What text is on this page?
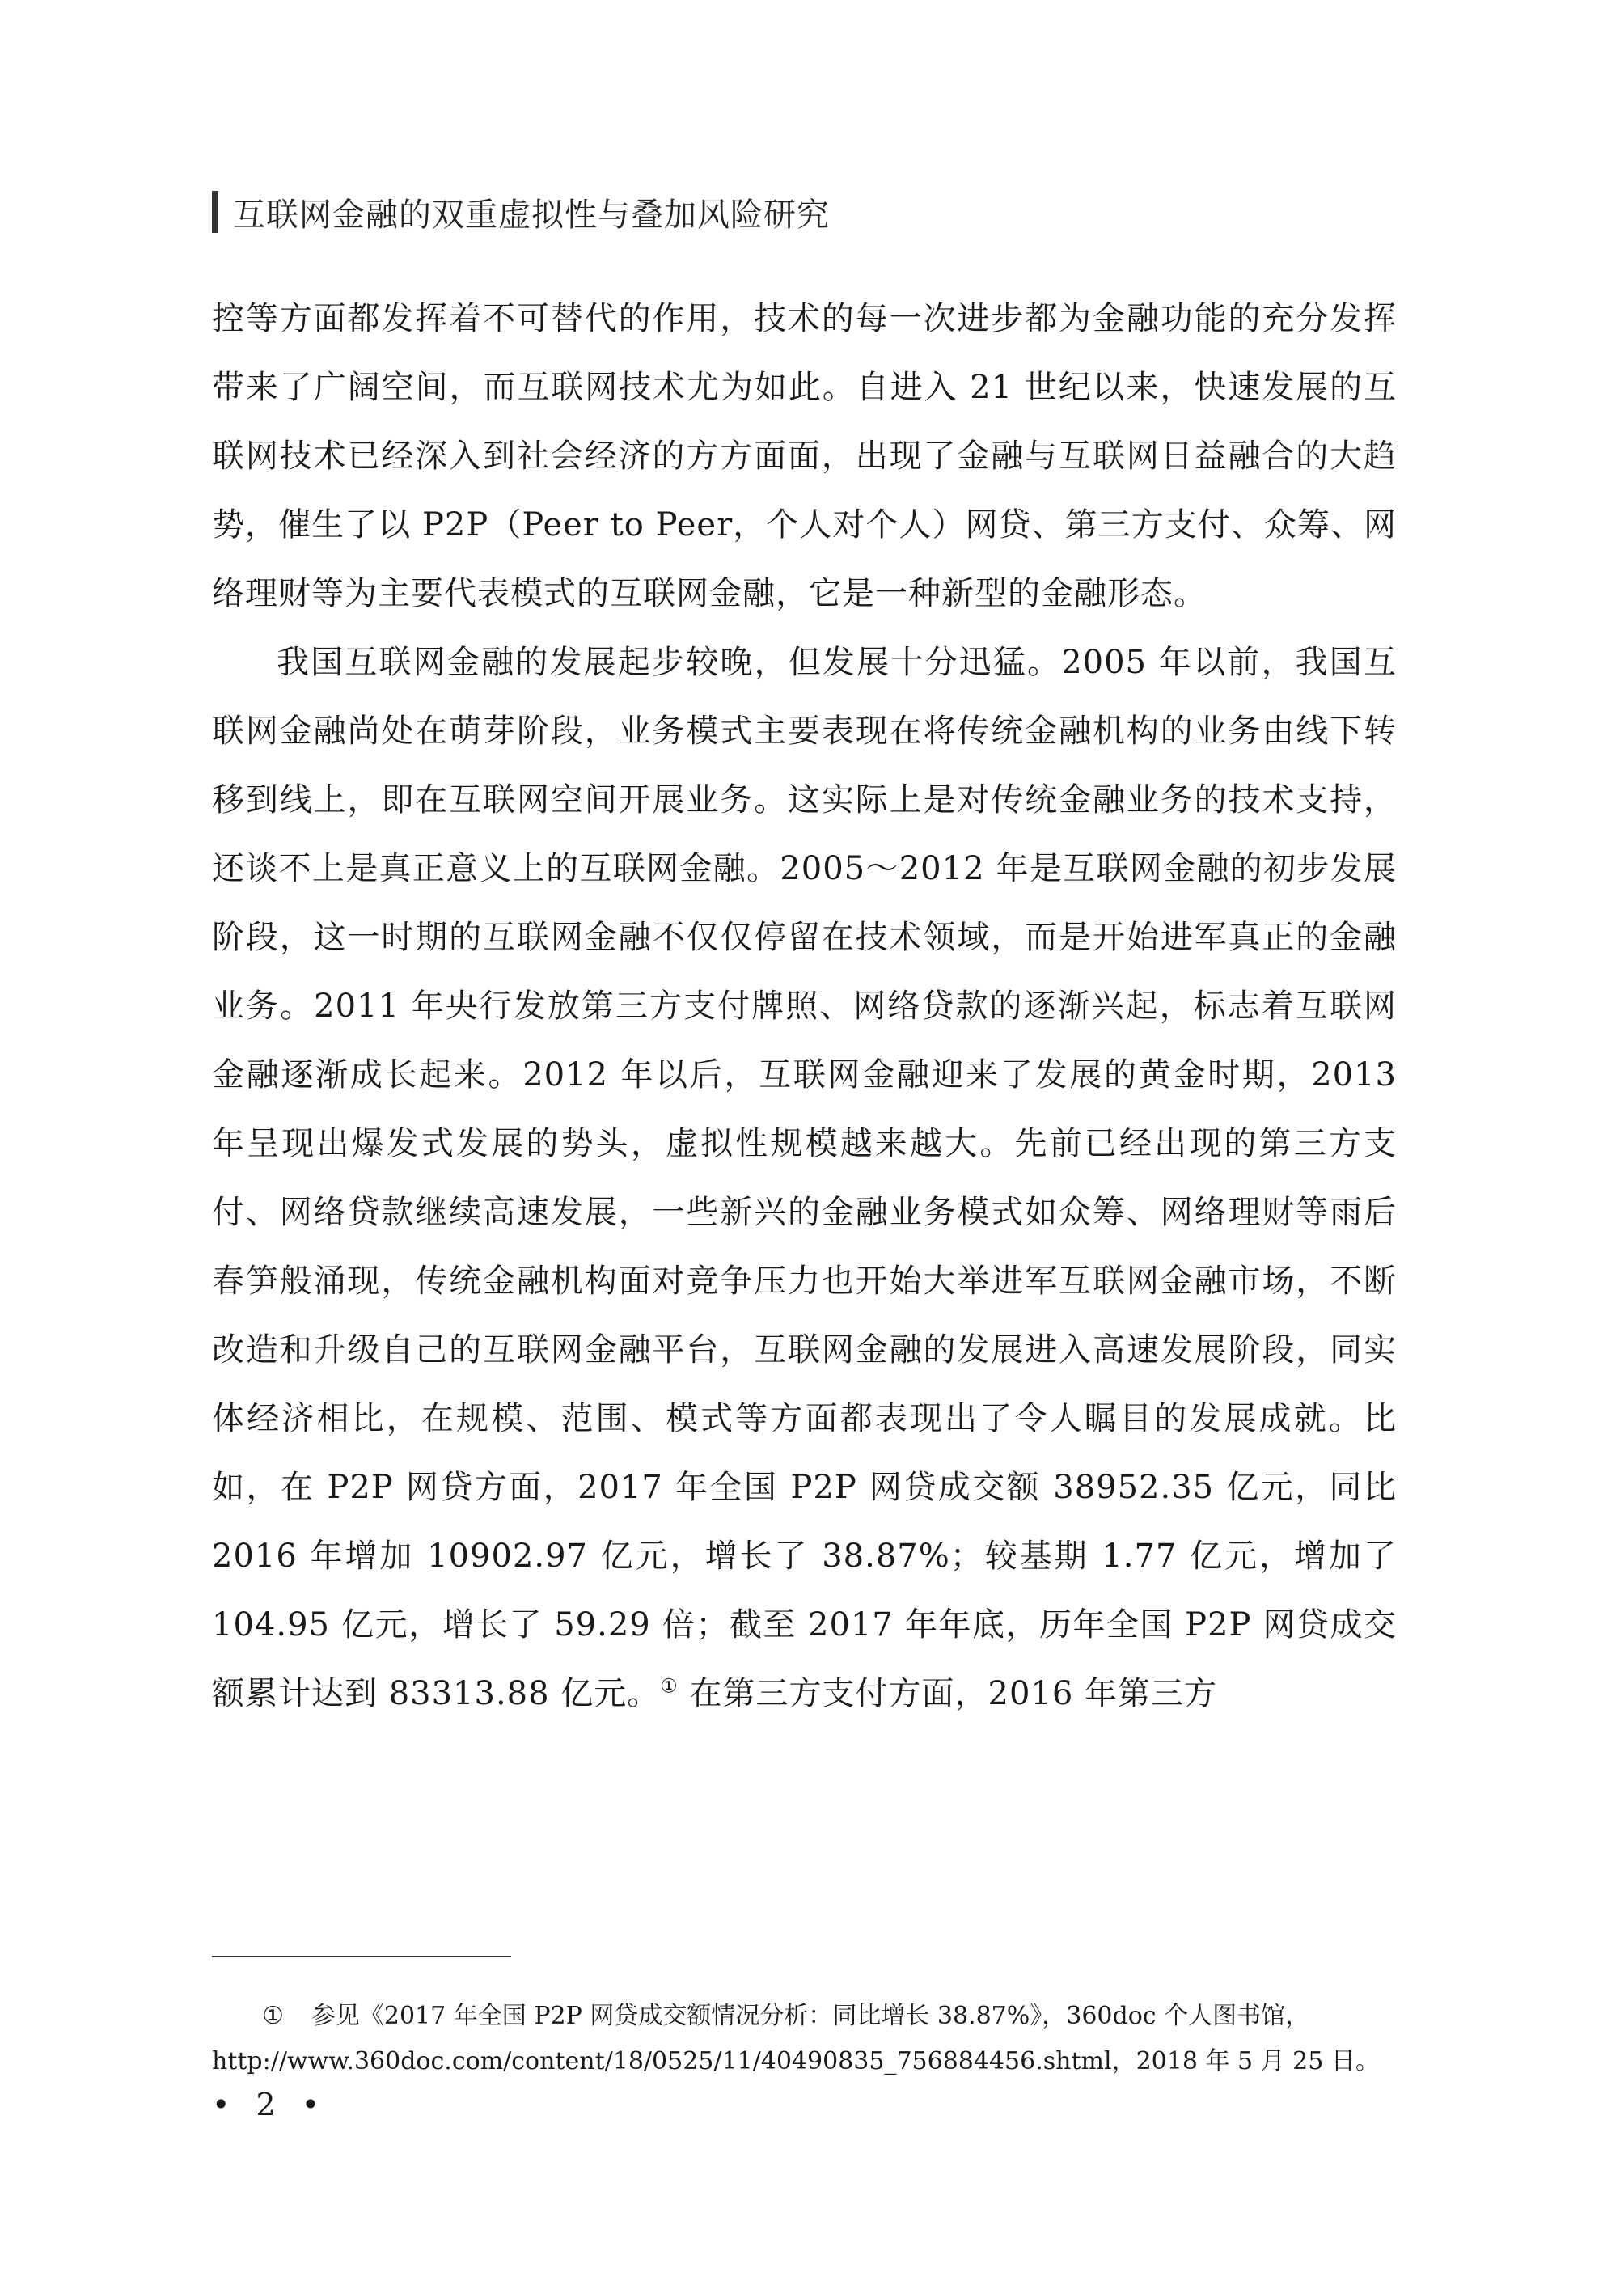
互联网金融的双重虚拟性与叠加风险研究

控等方面都发挥着不可替代的作用，技术的每一次进步都为金融功能的充分发挥带来了广阔空间，而互联网技术尤为如此。自进入 21 世纪以来，快速发展的互联网技术已经深入到社会经济的方方面面，出现了金融与互联网日益融合的大趋势，催生了以 P2P（Peer to Peer，个人对个人）网贷、第三方支付、众筹、网络理财等为主要代表模式的互联网金融，它是一种新型的金融形态。

我国互联网金融的发展起步较晚，但发展十分迅猛。2005 年以前，我国互联网金融尚处在萌芽阶段，业务模式主要表现在将传统金融机构的业务由线下转移到线上，即在互联网空间开展业务。这实际上是对传统金融业务的技术支持，还谈不上是真正意义上的互联网金融。2005～2012 年是互联网金融的初步发展阶段，这一时期的互联网金融不仅仅停留在技术领域，而是开始进军真正的金融业务。2011 年央行发放第三方支付牌照、网络贷款的逐渐兴起，标志着互联网金融逐渐成长起来。2012 年以后，互联网金融迎来了发展的黄金时期，2013 年呈现出爆发式发展的势头，虚拟性规模越来越大。先前已经出现的第三方支付、网络贷款继续高速发展，一些新兴的金融业务模式如众筹、网络理财等雨后春笋般涌现，传统金融机构面对竞争压力也开始大举进军互联网金融市场，不断改造和升级自己的互联网金融平台，互联网金融的发展进入高速发展阶段，同实体经济相比，在规模、范围、模式等方面都表现出了令人瞩目的发展成就。比如，在 P2P 网贷方面，2017 年全国 P2P 网贷成交额 38952.35 亿元，同比 2016 年增加 10902.97 亿元，增长了 38.87%；较基期 1.77 亿元，增加了 104.95 亿元，增长了 59.29 倍；截至 2017 年年底，历年全国 P2P 网贷成交额累计达到 83313.88 亿元。① 在第三方支付方面，2016 年第三方

① 参见《2017 年全国 P2P 网贷成交额情况分析：同比增长 38.87%》，360doc 个人图书馆，
http://www.360doc.com/content/18/0525/11/40490835_756884456.shtml，2018 年 5 月 25 日。
• 2 •
